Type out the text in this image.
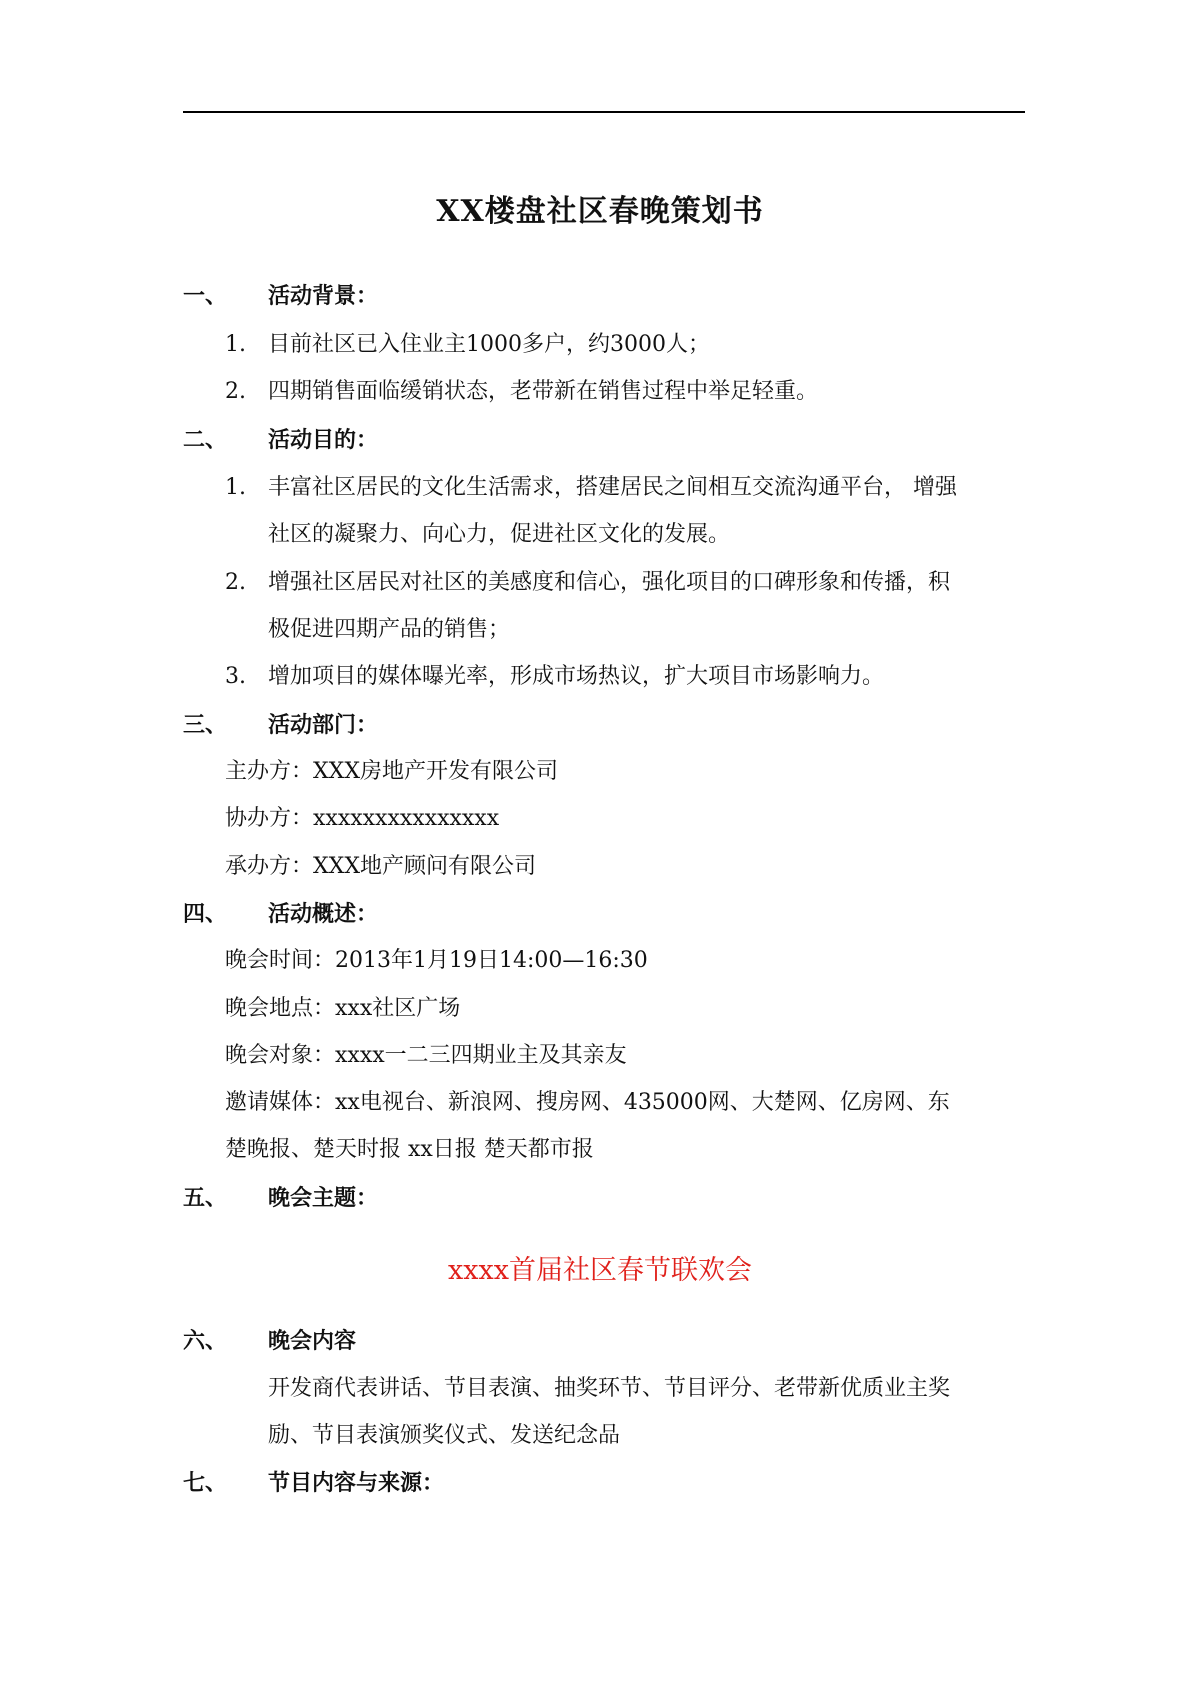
XX楼盘社区春晚策划书
一、 活动背景：
1. 目前社区已入住业主1000多户，约3000人；
2. 四期销售面临缓销状态，老带新在销售过程中举足轻重。
二、 活动目的：
1. 丰富社区居民的文化生活需求，搭建居民之间相互交流沟通平台， 增强
社区的凝聚力、向心力，促进社区文化的发展。
2. 增强社区居民对社区的美感度和信心，强化项目的口碑形象和传播，积
极促进四期产品的销售；
3. 增加项目的媒体曝光率，形成市场热议，扩大项目市场影响力。
三、 活动部门：
主办方：XXX房地产开发有限公司
协办方：xxxxxxxxxxxxxxx
承办方：XXX地产顾问有限公司
四、 活动概述：
晚会时间：2013年1月19日14:00—16:30
晚会地点：xxx社区广场
晚会对象：xxxx一二三四期业主及其亲友
邀请媒体：xx电视台、新浪网、搜房网、435000网、大楚网、亿房网、东
楚晚报、楚天时报 xx日报 楚天都市报
五、 晚会主题：
xxxx首届社区春节联欢会
六、 晚会内容
开发商代表讲话、节目表演、抽奖环节、节目评分、老带新优质业主奖
励、节目表演颁奖仪式、发送纪念品
七、 节目内容与来源：
